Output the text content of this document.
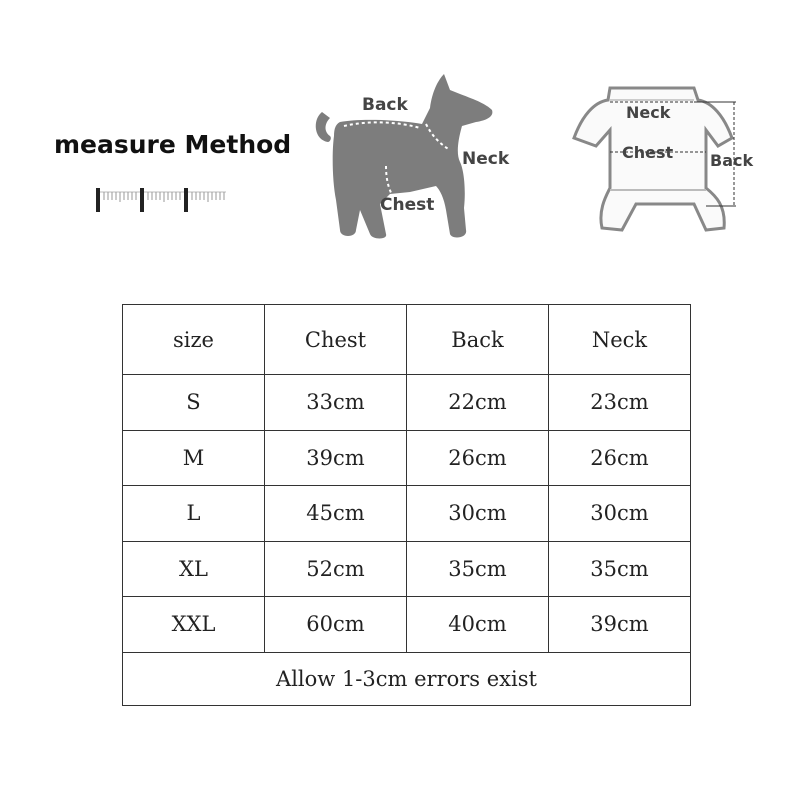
measure Method
Back
Neck
Chest
Neck
Chest Back
size	Chest	Back	Neck
S	33cm	22cm	23cm
M	39cm	26cm	26cm
L	45cm	30cm	30cm
XL	52cm	35cm	35cm
XXL	60cm	40cm	39cm
Allow 1-3cm errors exist			
